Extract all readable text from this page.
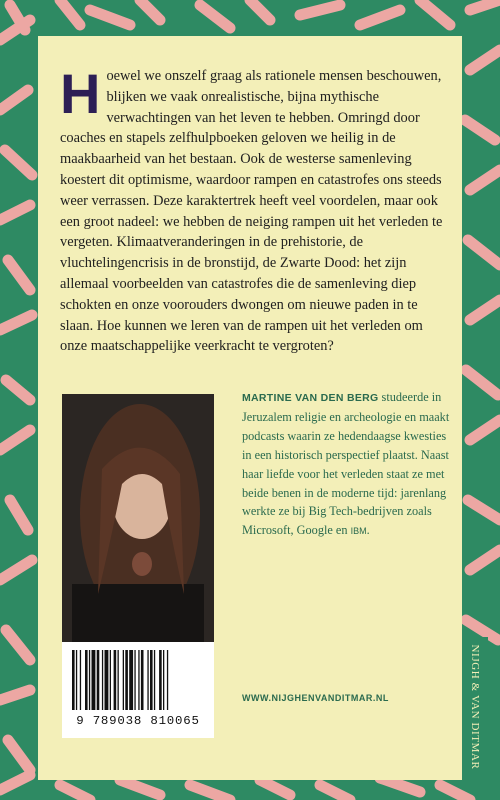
Hoewel we onszelf graag als rationele mensen beschouwen, blijken we vaak onrealistische, bijna mythische verwachtingen van het leven te hebben. Omringd door coaches en stapels zelfhulpboeken geloven we heilig in de maakbaarheid van het bestaan. Ook de westerse samenleving koestert dit optimisme, waardoor rampen en catastrofes ons steeds weer verrassen. Deze karaktertrek heeft veel voordelen, maar ook een groot nadeel: we hebben de neiging rampen uit het verleden te vergeten. Klimaatveranderingen in de prehistorie, de vluchtelingencrisis in de bronstijd, de Zwarte Dood: het zijn allemaal voorbeelden van catastrofes die de samenleving diep schokten en onze voorouders dwongen om nieuwe paden in te slaan. Hoe kunnen we leren van de rampen uit het verleden om onze maatschappelijke veerkracht te vergroten?
MARTINE VAN DEN BERG studeerde in Jeruzalem religie en archeologie en maakt podcasts waarin ze hedendaagse kwesties in een historisch perspectief plaatst. Naast haar liefde voor het verleden staat ze met beide benen in de moderne tijd: jarenlang werkte ze bij Big Tech-bedrijven zoals Microsoft, Google en IBM.
9 789038 810065
WWW.NIJGHENVANDITMAR.NL	NIJGH & VAN DITMAR
